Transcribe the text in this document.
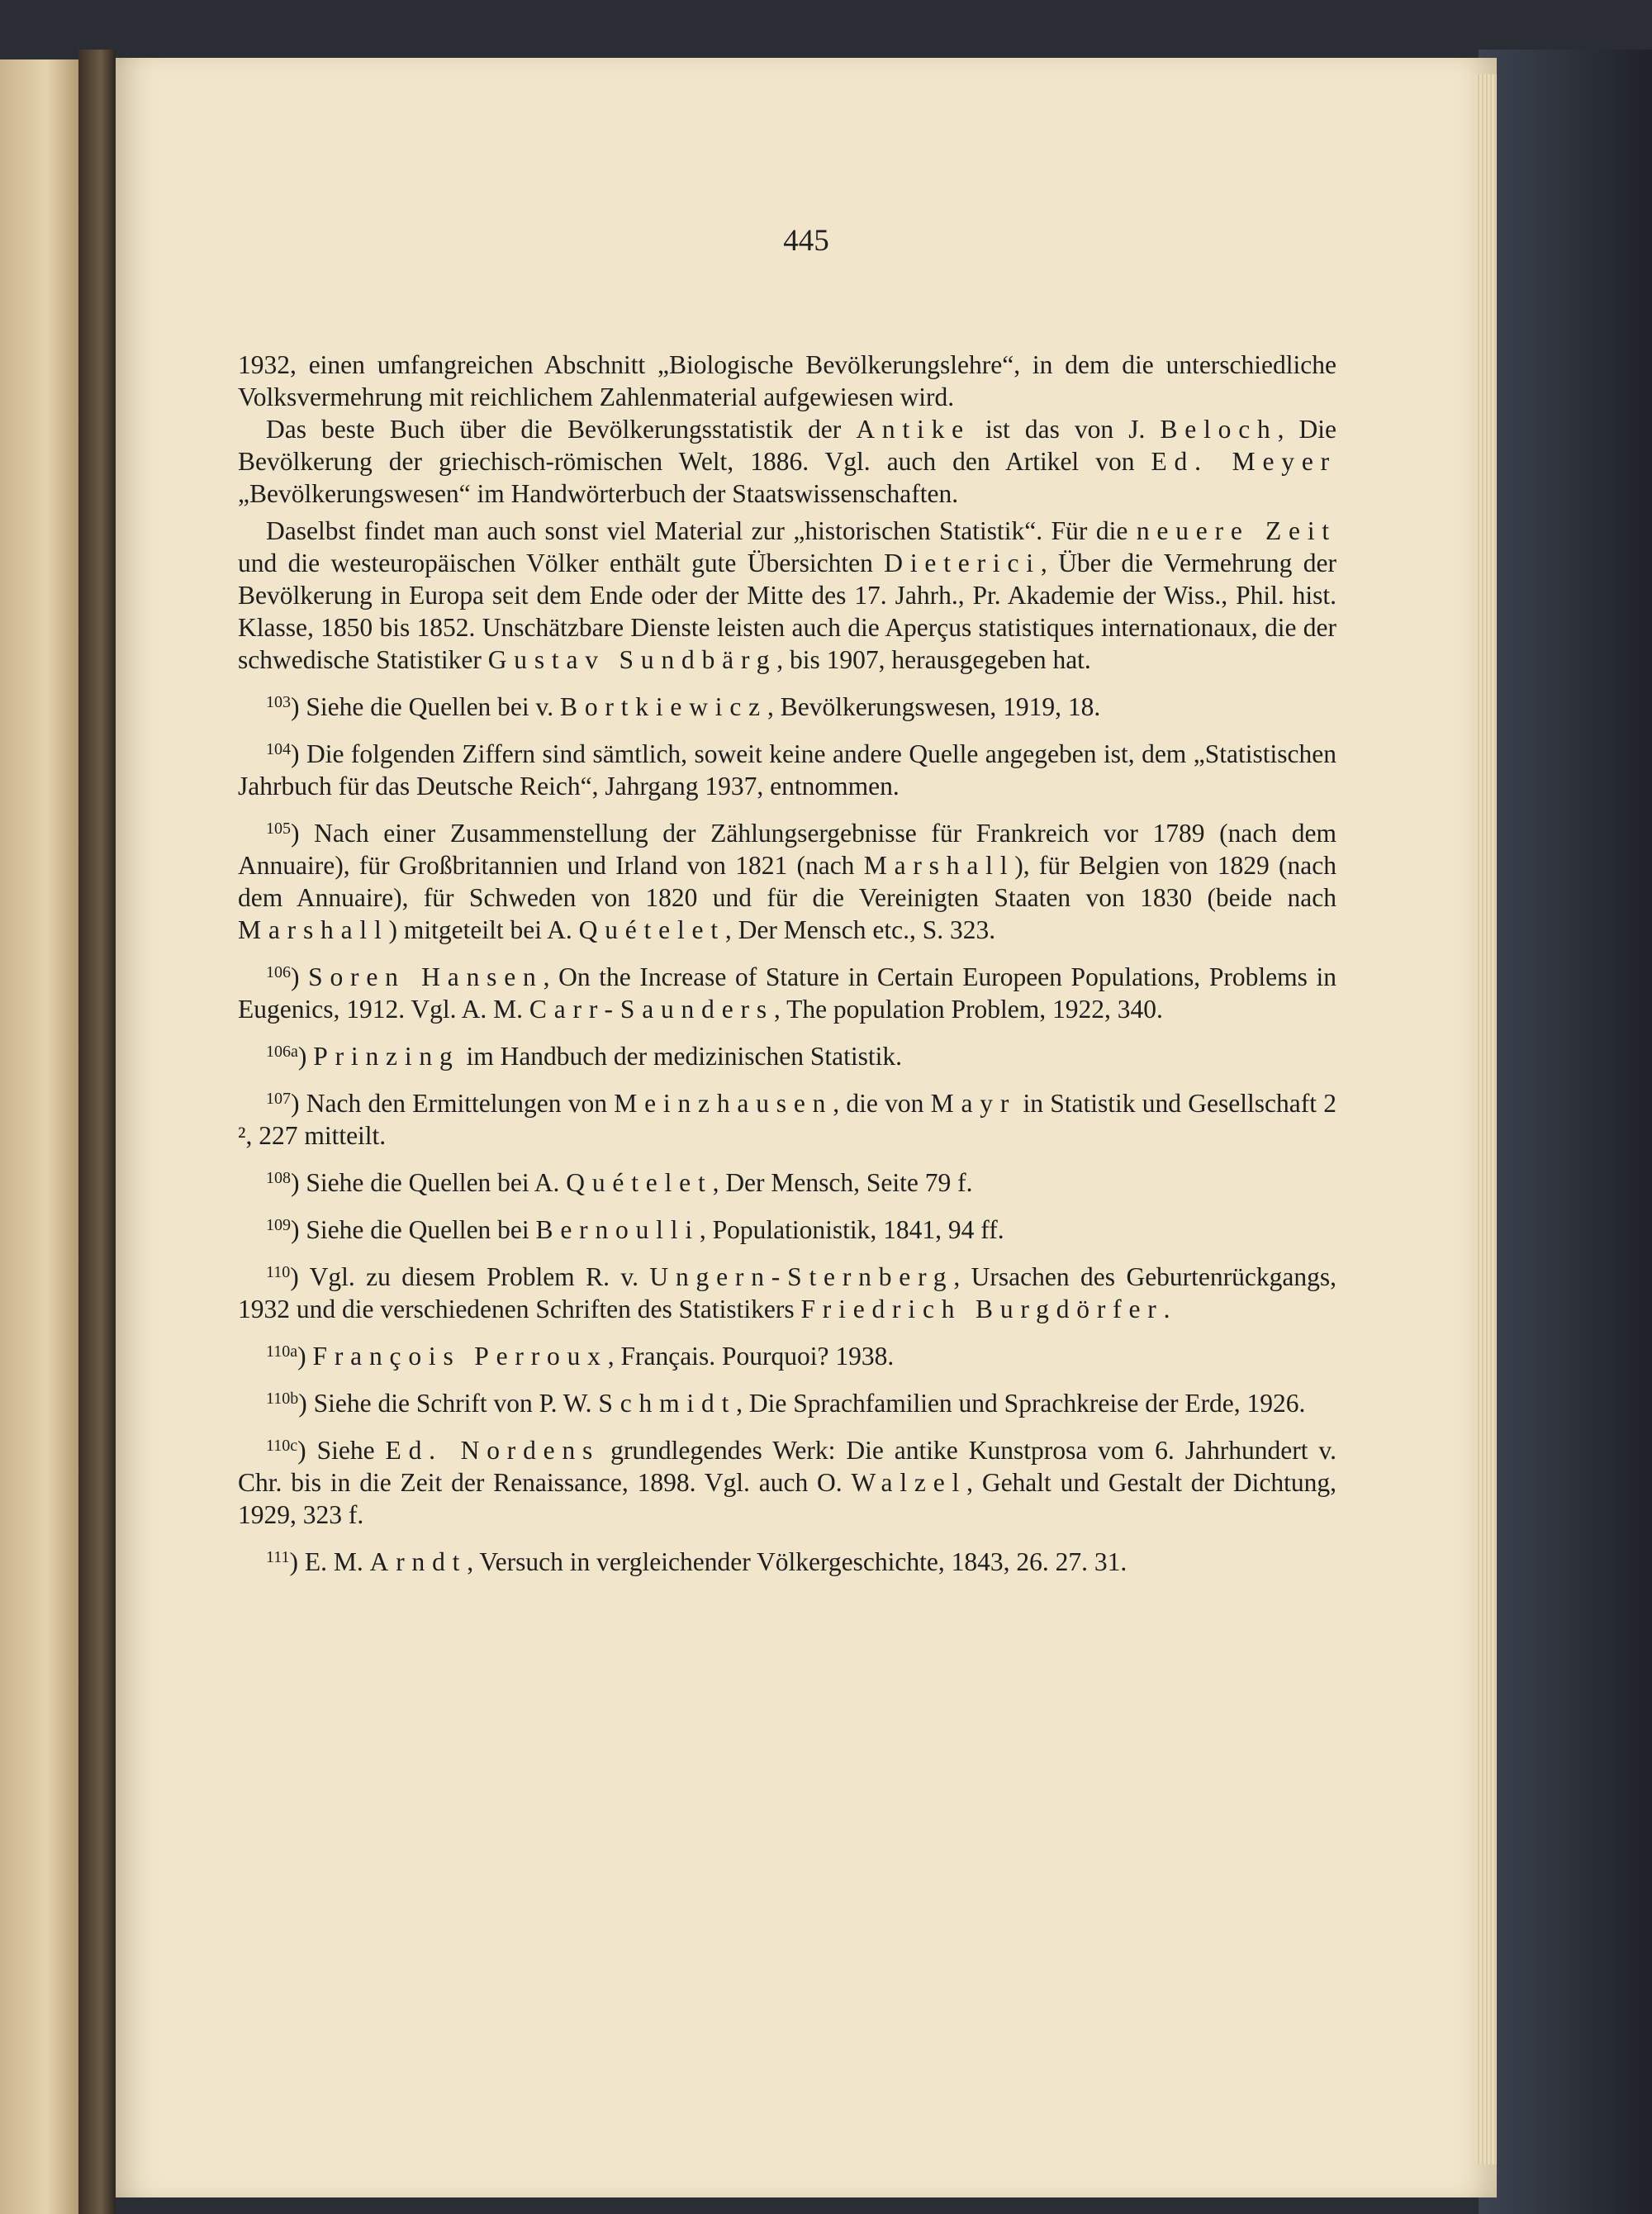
445

1932, einen umfangreichen Abschnitt „Biologische Bevölkerungslehre“, in dem die unterschiedliche Volksvermehrung mit reichlichem Zahlenmaterial aufgewiesen wird.

Das beste Buch über die Bevölkerungsstatistik der Antike ist das von J. Beloch, Die Bevölkerung der griechisch-römischen Welt, 1886. Vgl. auch den Artikel von Ed. Meyer „Bevölkerungswesen“ im Handwörterbuch der Staatswissenschaften.

Daselbst findet man auch sonst viel Material zur „historischen Statistik“. Für die neuere Zeit und die westeuropäischen Völker enthält gute Übersichten Dieterici, Über die Vermehrung der Bevölkerung in Europa seit dem Ende oder der Mitte des 17. Jahrh., Pr. Akademie der Wiss., Phil. hist. Klasse, 1850 bis 1852. Unschätzbare Dienste leisten auch die Aperçus statistiques internationaux, die der schwedische Statistiker Gustav Sundbärg, bis 1907, herausgegeben hat.

$^{103}$) Siehe die Quellen bei v. Bortkiewicz, Bevölkerungswesen, 1919, 18.

$^{104}$) Die folgenden Ziffern sind sämtlich, soweit keine andere Quelle angegeben ist, dem „Statistischen Jahrbuch für das Deutsche Reich“, Jahrgang 1937, entnommen.

$^{105}$) Nach einer Zusammenstellung der Zählungsergebnisse für Frankreich vor 1789 (nach dem Annuaire), für Großbritannien und Irland von 1821 (nach Marshall), für Belgien von 1829 (nach dem Annuaire), für Schweden von 1820 und für die Vereinigten Staaten von 1830 (beide nach Marshall) mitgeteilt bei A. Quételet, Der Mensch etc., S. 323.

$^{106}$) Soren Hansen, On the Increase of Stature in Certain Europeen Populations, Problems in Eugenics, 1912. Vgl. A. M. Carr-Saunders, The population Problem, 1922, 340.

$^{106a}$) Prinzing im Handbuch der medizinischen Statistik.

$^{107}$) Nach den Ermittelungen von Meinzhausen, die von Mayr in Statistik und Gesellschaft 2 ², 227 mitteilt.

$^{108}$) Siehe die Quellen bei A. Quételet, Der Mensch, Seite 79 f.

$^{109}$) Siehe die Quellen bei Bernoulli, Populationistik, 1841, 94 ff.

$^{110}$) Vgl. zu diesem Problem R. v. Ungern-Sternberg, Ursachen des Geburtenrückgangs, 1932 und die verschiedenen Schriften des Statistikers Friedrich Burgdörfer.

$^{110a}$) François Perroux, Français. Pourquoi? 1938.

$^{110b}$) Siehe die Schrift von P. W. Schmidt, Die Sprachfamilien und Sprachkreise der Erde, 1926.

$^{110c}$) Siehe Ed. Nordens grundlegendes Werk: Die antike Kunstprosa vom 6. Jahrhundert v. Chr. bis in die Zeit der Renaissance, 1898. Vgl. auch O. Walzel, Gehalt und Gestalt der Dichtung, 1929, 323 f.

$^{111}$) E. M. Arndt, Versuch in vergleichender Völkergeschichte, 1843, 26. 27. 31.
